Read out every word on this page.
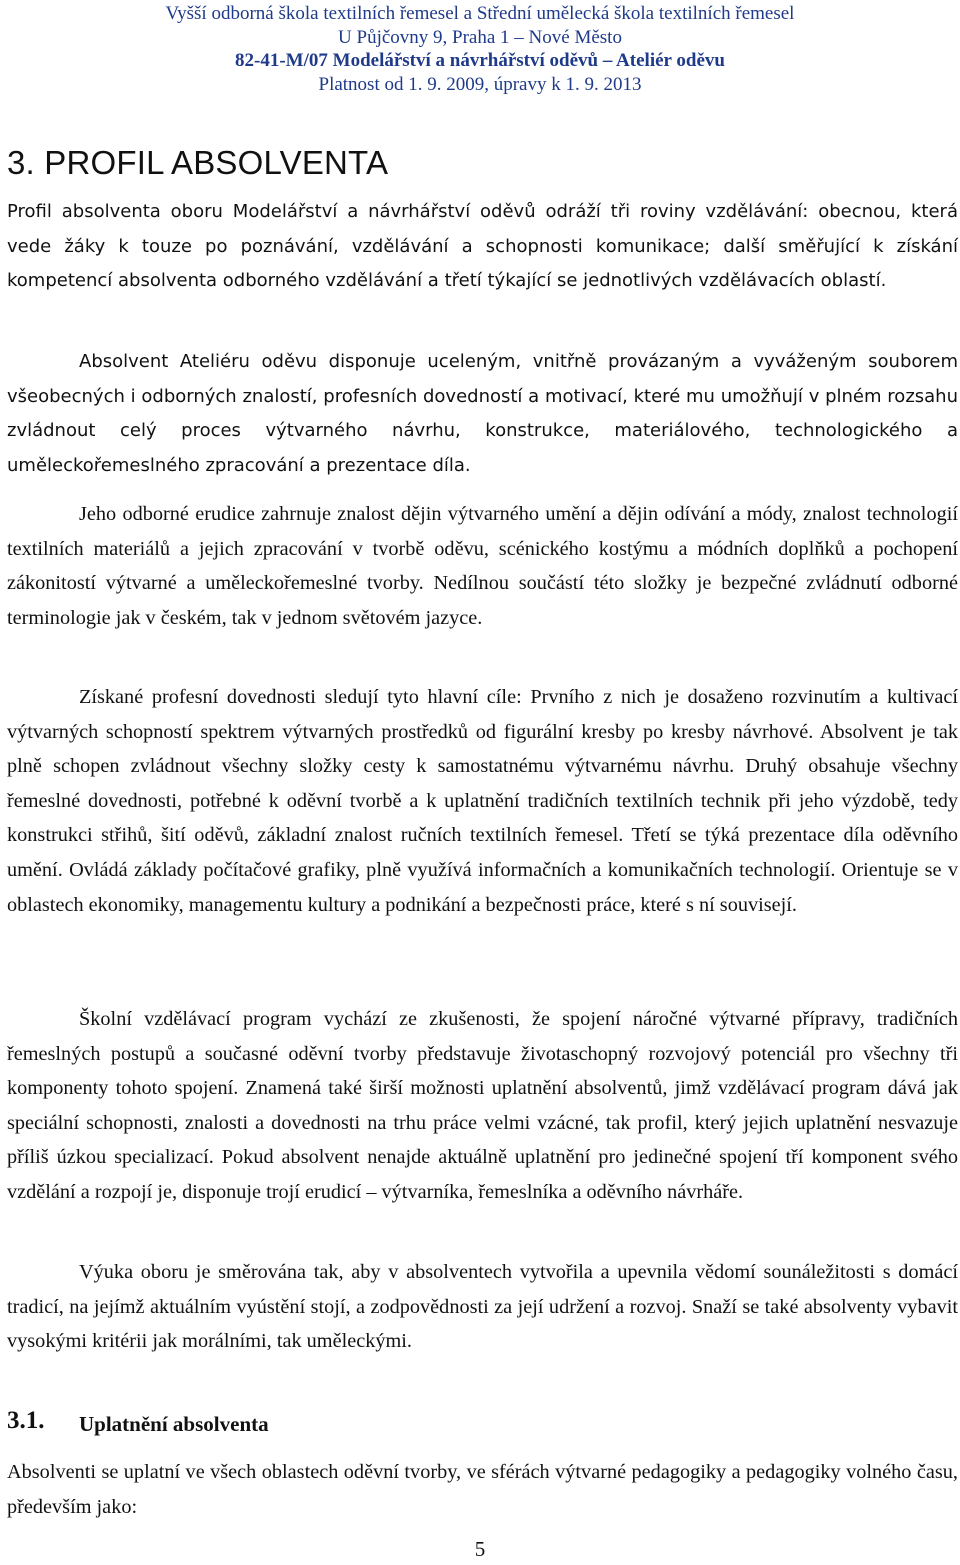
Vyšší odborná škola textilních řemesel a Střední umělecká škola textilních řemesel
U Půjčovny 9, Praha 1 – Nové Město
82-41-M/07 Modelářství a návrhářství oděvů – Ateliér oděvu
Platnost od 1. 9. 2009, úpravy k 1. 9. 2013
3. PROFIL ABSOLVENTA

Profil absolventa oboru Modelářství a návrhářství oděvů odráží tři roviny vzdělávání: obecnou, která vede žáky k touze po poznávání, vzdělávání a schopnosti komunikace; další směřující k získání kompetencí absolventa odborného vzdělávání a třetí týkající se jednotlivých vzdělávacích oblastí.

Absolvent Ateliéru oděvu disponuje uceleným, vnitřně provázaným a vyváženým souborem všeobecných i odborných znalostí, profesních dovedností a motivací, které mu umožňují v plném rozsahu zvládnout celý proces výtvarného návrhu, konstrukce, materiálového, technologického a uměleckořemeslného zpracování a prezentace díla.

Jeho odborné erudice zahrnuje znalost dějin výtvarného umění a dějin odívání a módy, znalost technologií textilních materiálů a jejich zpracování v tvorbě oděvu, scénického kostýmu a módních doplňků a pochopení zákonitostí výtvarné a uměleckořemeslné tvorby. Nedílnou součástí této složky je bezpečné zvládnutí odborné terminologie jak v českém, tak v jednom světovém jazyce.

Získané profesní dovednosti sledují tyto hlavní cíle: Prvního z nich je dosaženo rozvinutím a kultivací výtvarných schopností spektrem výtvarných prostředků od figurální kresby po kresby návrhové. Absolvent je tak plně schopen zvládnout všechny složky cesty k samostatnému výtvarnému návrhu. Druhý obsahuje všechny řemeslné dovednosti, potřebné k oděvní tvorbě a k uplatnění tradičních textilních technik při jeho výzdobě, tedy konstrukci střihů, šití oděvů, základní znalost ručních textilních řemesel. Třetí se týká prezentace díla oděvního umění. Ovládá základy počítačové grafiky, plně využívá informačních a komunikačních technologií. Orientuje se v oblastech ekonomiky, managementu kultury a podnikání a bezpečnosti práce, které s ní souvisejí.

Školní vzdělávací program vychází ze zkušenosti, že spojení náročné výtvarné přípravy, tradičních řemeslných postupů a současné oděvní tvorby představuje životaschopný rozvojový potenciál pro všechny tři komponenty tohoto spojení. Znamená také širší možnosti uplatnění absolventů, jimž vzdělávací program dává jak speciální schopnosti, znalosti a dovednosti na trhu práce velmi vzácné, tak profil, který jejich uplatnění nesvazuje příliš úzkou specializací. Pokud absolvent nenajde aktuálně uplatnění pro jedinečné spojení tří komponent svého vzdělání a rozpojí je, disponuje trojí erudicí – výtvarníka, řemeslníka a oděvního návrháře.

Výuka oboru je směrována tak, aby v absolventech vytvořila a upevnila vědomí sounáležitosti s domácí tradicí, na jejímž aktuálním vyústění stojí, a zodpovědnosti za její udržení a rozvoj. Snaží se také absolventy vybavit vysokými kritérii jak morálními, tak uměleckými.

3.1. Uplatnění absolventa

Absolventi se uplatní ve všech oblastech oděvní tvorby, ve sférách výtvarné pedagogiky a pedagogiky volného času, především jako:

5
